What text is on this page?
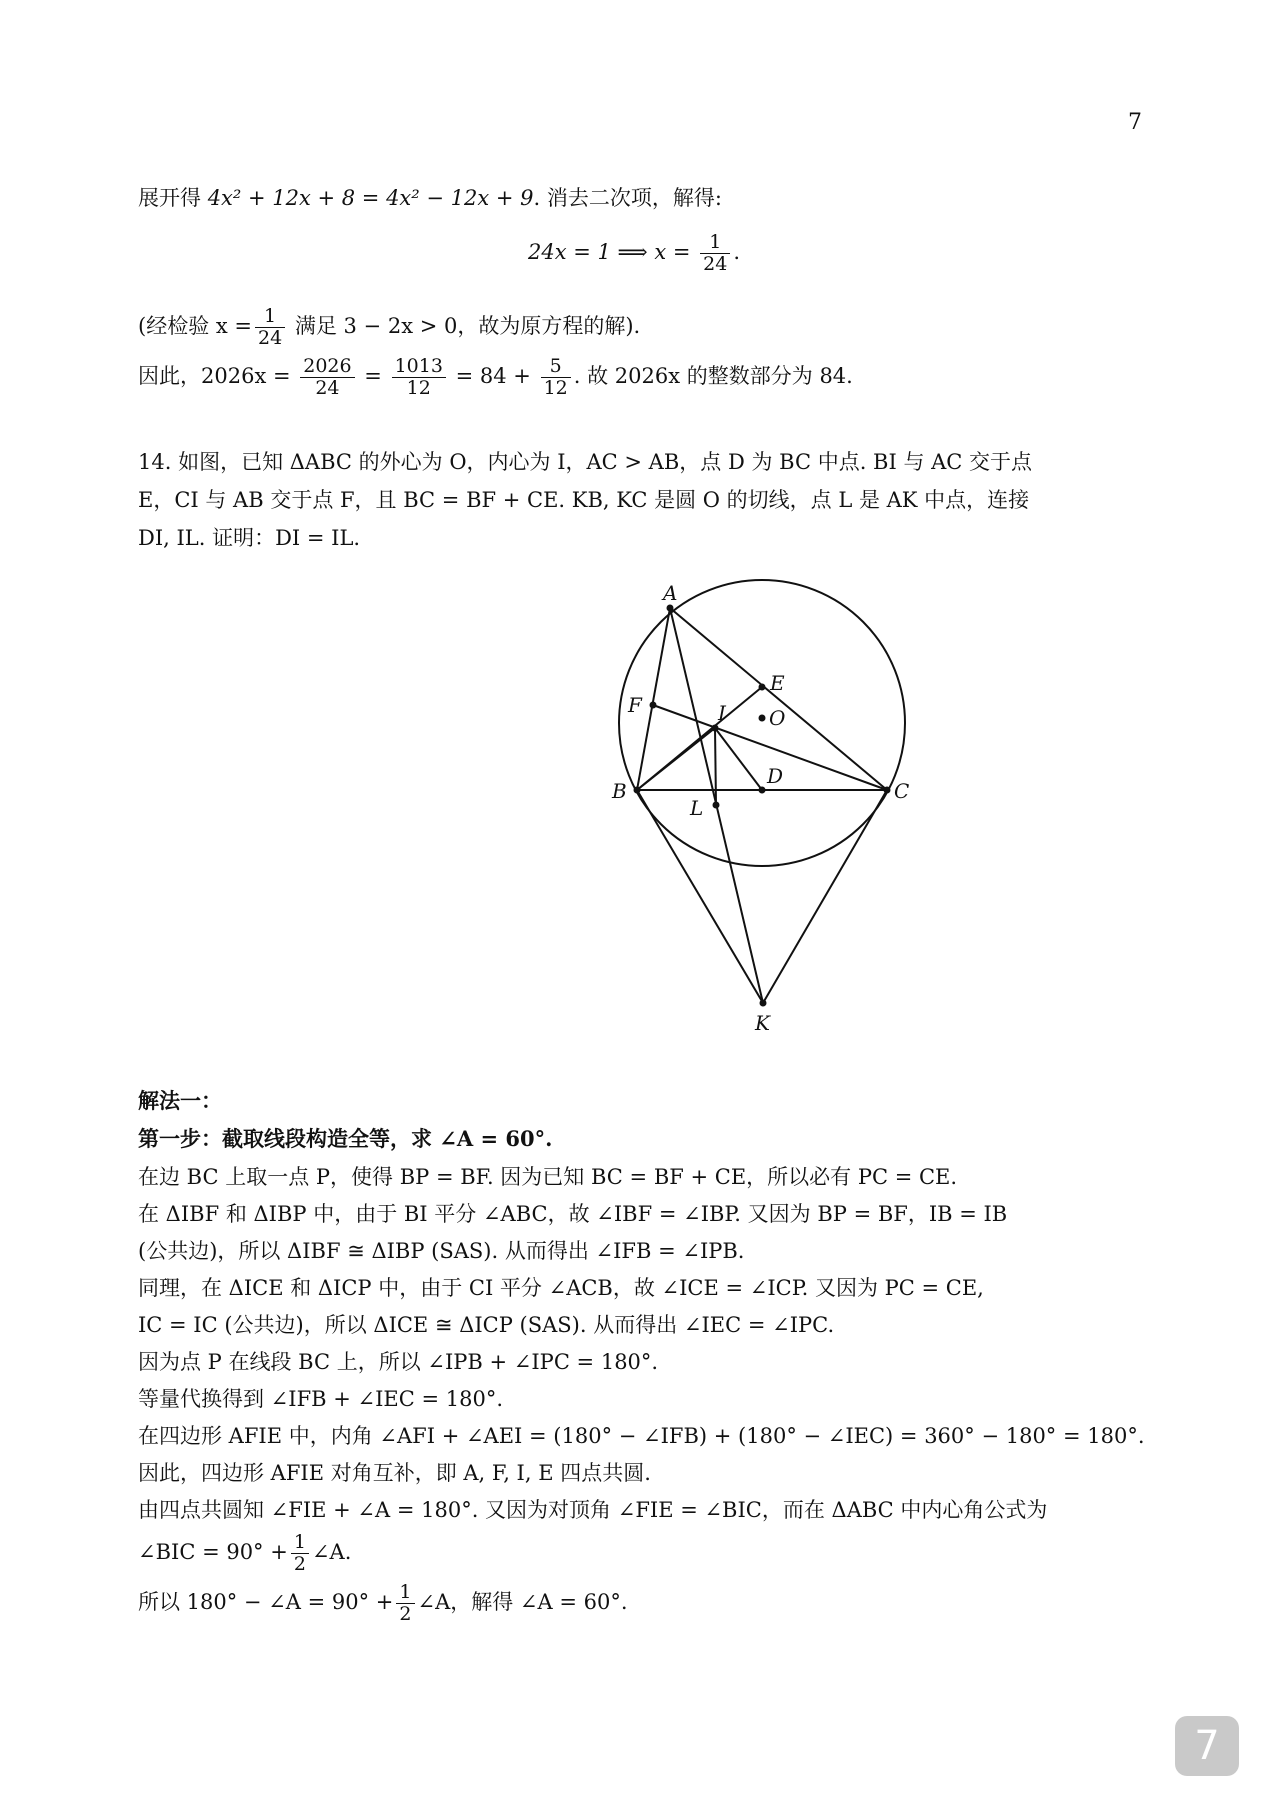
7
展开得 4x² + 12x + 8 = 4x² − 12x + 9. 消去二次项，解得:
24x = 1 ⟹ $x = \frac{1}{24}$ .
(经检验 $x = \frac{1}{24}$ 满足 3 − 2x > 0，故为原方程的解).
因此，$2026x = \frac{2026}{24} = \frac{1013}{12} = 84 + \frac{5}{12}$ . 故 2026x 的整数部分为 84.
14. 如图，已知 ΔABC 的外心为 O，内心为 I，AC > AB，点 D 为 BC 中点. BI 与 AC 交于点
E，CI 与 AB 交于点 F，且 BC = BF + CE. KB, KC 是圆 O 的切线，点 L 是 AK 中点，连接
DI, IL. 证明：DI = IL.
A
B	C
D
E
F	I O
L
K
解法一：
第一步：截取线段构造全等，求 ∠A = 60°.
在边 BC 上取一点 P，使得 BP = BF. 因为已知 BC = BF + CE，所以必有 PC = CE.
在 ΔIBF 和 ΔIBP 中，由于 BI 平分 ∠ABC，故 ∠IBF = ∠IBP. 又因为 BP = BF，IB = IB
(公共边)，所以 ΔIBF ≅ ΔIBP (SAS). 从而得出 ∠IFB = ∠IPB.
同理，在 ΔICE 和 ΔICP 中，由于 CI 平分 ∠ACB，故 ∠ICE = ∠ICP. 又因为 PC = CE,
IC = IC (公共边)，所以 ΔICE ≅ ΔICP (SAS). 从而得出 ∠IEC = ∠IPC.
因为点 P 在线段 BC 上，所以 ∠IPB + ∠IPC = 180°.
等量代换得到 ∠IFB + ∠IEC = 180°.
在四边形 AFIE 中，内角 ∠AFI + ∠AEI = (180° − ∠IFB) + (180° − ∠IEC) = 360° − 180° = 180°.
因此，四边形 AFIE 对角互补，即 A, F, I, E 四点共圆.
由四点共圆知 ∠FIE + ∠A = 180°. 又因为对顶角 ∠FIE = ∠BIC，而在 ΔABC 中内心角公式为
∠BIC = $90^\circ + \frac{1}{2}$ ∠A.
所以 180° − ∠A = $90^\circ + \frac{1}{2}$ ∠A，解得 ∠A = 60°.
7
